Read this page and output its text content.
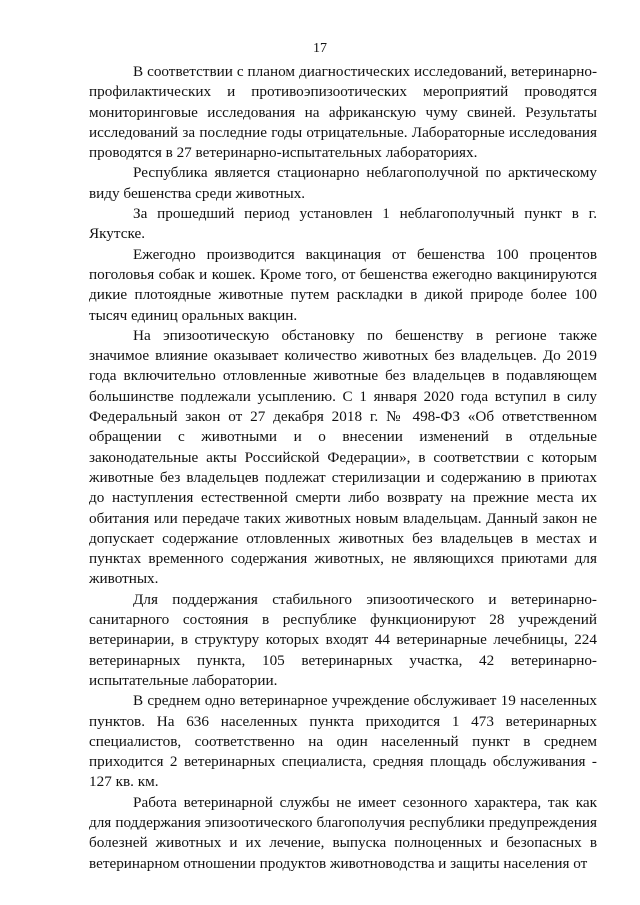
17

В соответствии с планом диагностических исследований, ветеринарно-профилактических и противоэпизоотических мероприятий проводятся мониторинговые исследования на африканскую чуму свиней. Результаты исследований за последние годы отрицательные. Лабораторные исследования проводятся в 27 ветеринарно-испытательных лабораториях.

Республика является стационарно неблагополучной по арктическому виду бешенства среди животных.

За прошедший период установлен 1 неблагополучный пункт в г. Якутске.

Ежегодно производится вакцинация от бешенства 100 процентов поголовья собак и кошек. Кроме того, от бешенства ежегодно вакцинируются дикие плотоядные животные путем раскладки в дикой природе более 100 тысяч единиц оральных вакцин.

На эпизоотическую обстановку по бешенству в регионе также значимое влияние оказывает количество животных без владельцев. До 2019 года включительно отловленные животные без владельцев в подавляющем большинстве подлежали усыплению. С 1 января 2020 года вступил в силу Федеральный закон от 27 декабря 2018 г. № 498-ФЗ «Об ответственном обращении с животными и о внесении изменений в отдельные законодательные акты Российской Федерации», в соответствии с которым животные без владельцев подлежат стерилизации и содержанию в приютах до наступления естественной смерти либо возврату на прежние места их обитания или передаче таких животных новым владельцам. Данный закон не допускает содержание отловленных животных без владельцев в местах и пунктах временного содержания животных, не являющихся приютами для животных.

Для поддержания стабильного эпизоотического и ветеринарно-санитарного состояния в республике функционируют 28 учреждений ветеринарии, в структуру которых входят 44 ветеринарные лечебницы, 224 ветеринарных пункта, 105 ветеринарных участка, 42 ветеринарно-испытательные лаборатории.

В среднем одно ветеринарное учреждение обслуживает 19 населенных пунктов. На 636 населенных пункта приходится 1 473 ветеринарных специалистов, соответственно на один населенный пункт в среднем приходится 2 ветеринарных специалиста, средняя площадь обслуживания - 127 кв. км.

Работа ветеринарной службы не имеет сезонного характера, так как для поддержания эпизоотического благополучия республики предупреждения болезней животных и их лечение, выпуска полноценных и безопасных в ветеринарном отношении продуктов животноводства и защиты населения от
